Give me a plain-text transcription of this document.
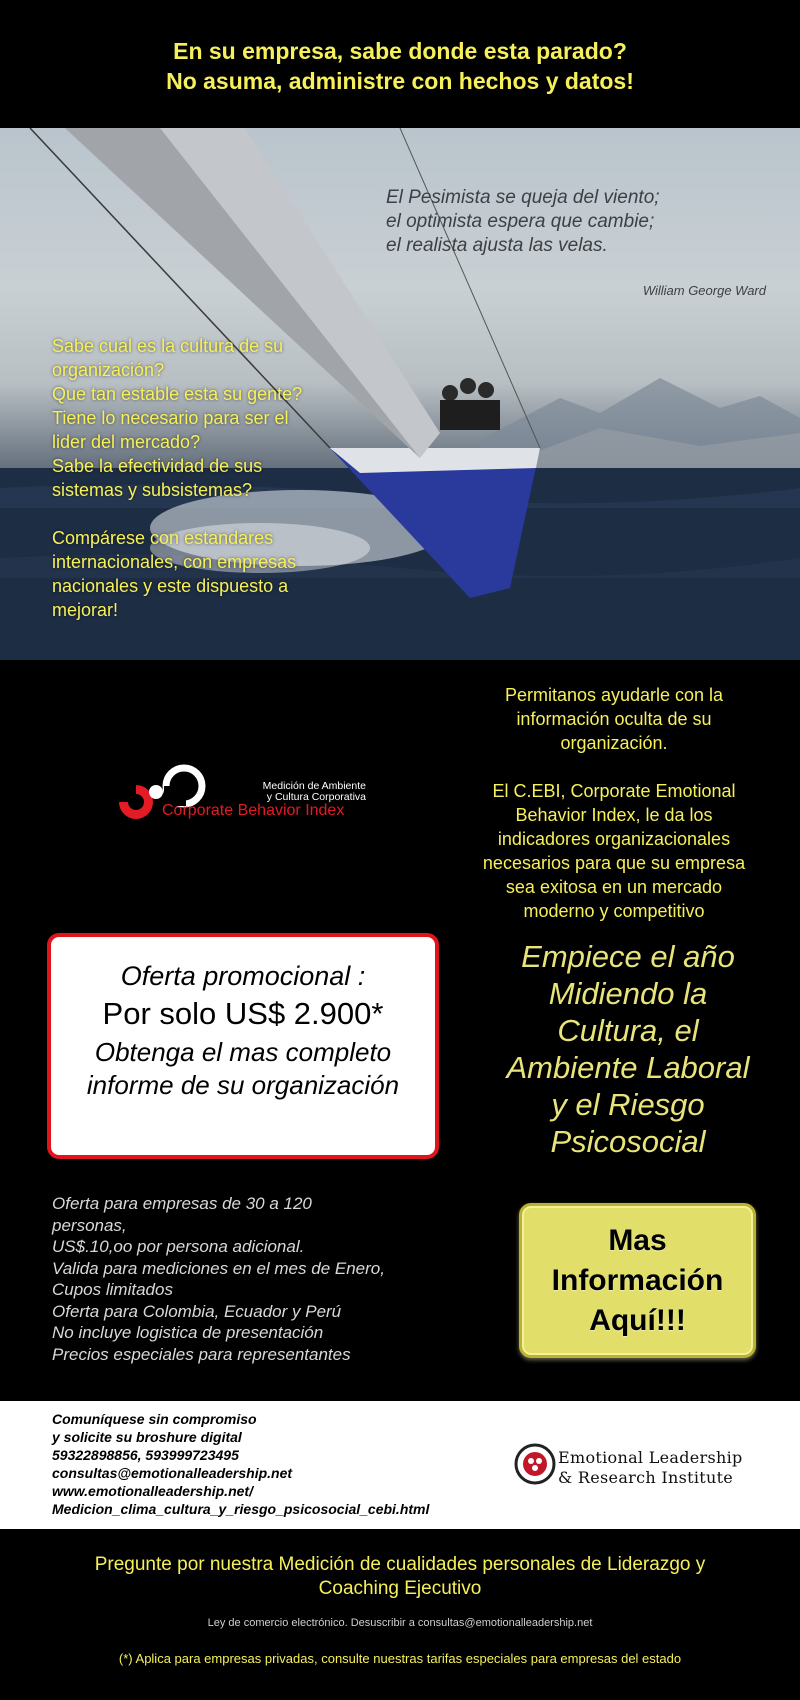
En su empresa, sabe donde esta parado?
No asuma, administre con hechos y datos!
El Pesimista se queja del viento;
el optimista espera que cambie;
el realista ajusta las velas.
William George Ward
Sabe cual es la cultura de su
organización?
Que tan estable esta su gente?
Tiene lo necesario para ser el
lider del mercado?
Sabe la efectividad de sus
sistemas y subsistemas?
Compárese con estandares
internacionales, con empresas
nacionales y este dispuesto a
mejorar!
Permitanos ayudarle con la
información oculta de su
organización.
El C.EBI, Corporate Emotional
Behavior Index, le da los
indicadores organizacionales
necesarios para que su empresa
sea exitosa en un mercado
moderno y competitivo
Medición de Ambiente
y Cultura Corporativa
Corporate Behavior Index
Oferta promocional :
Por solo US$ 2.900*
Obtenga el mas completo informe de su organización
Empiece el año
Midiendo la
Cultura, el
Ambiente Laboral
y el Riesgo
Psicosocial
Oferta para empresas de 30 a 120
personas,
US$.10,oo por persona adicional.
Valida para mediciones en el mes de Enero,
Cupos limitados
Oferta para Colombia, Ecuador y Perú
No incluye logistica de presentación
Precios especiales para representantes
Mas
Información
Aquí!!!
Comuníquese sin compromiso
y solicite su broshure digital
59322898856, 593999723495
consultas@emotionalleadership.net
www.emotionalleadership.net/
Medicion_clima_cultura_y_riesgo_psicosocial_cebi.html
Emotional Leadership
& Research Institute
Pregunte por nuestra Medición de cualidades personales de Liderazgo y Coaching Ejecutivo
Ley de comercio electrónico. Desuscribir a consultas@emotionalleadership.net
(*) Aplica para empresas privadas, consulte nuestras tarifas especiales para empresas del estado
